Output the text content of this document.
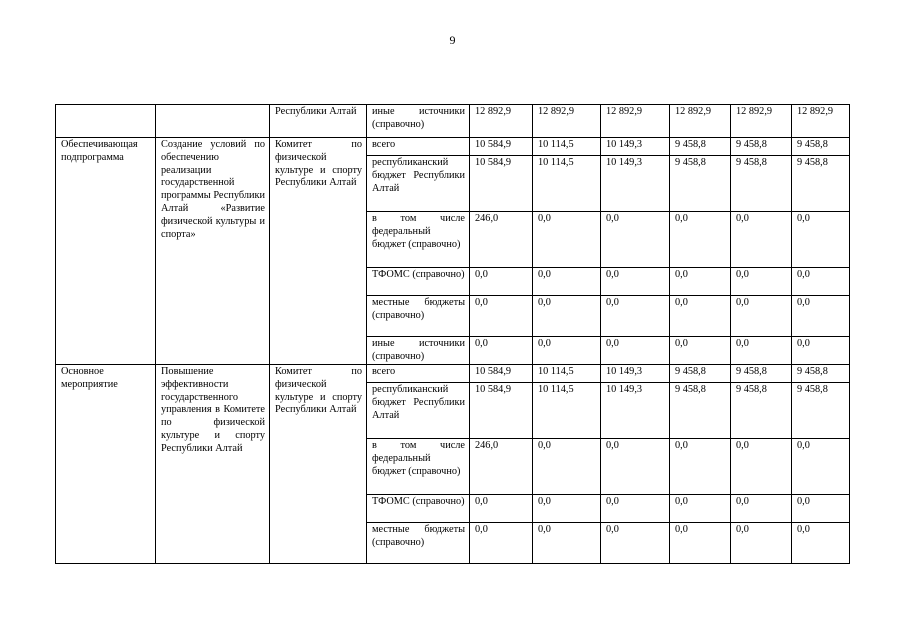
9
		Республики Алтай	иные источники (справочно)	12 892,9	12 892,9	12 892,9	12 892,9	12 892,9	12 892,9
Обеспечивающая подпрограмма	Создание условий по обеспечению реализации государственной программы Республики Алтай «Развитие физической культуры и спорта»	Комитет по физической культуре и спорту Республики Алтай	всего	10 584,9	10 114,5	10 149,3	9 458,8	9 458,8	9 458,8
			республиканский бюджет Республики Алтай	10 584,9	10 114,5	10 149,3	9 458,8	9 458,8	9 458,8
			в том числе федеральный бюджет (справочно)	246,0	0,0	0,0	0,0	0,0	0,0
			ТФОМС (справочно)	0,0	0,0	0,0	0,0	0,0	0,0
			местные бюджеты (справочно)	0,0	0,0	0,0	0,0	0,0	0,0
			иные источники (справочно)	0,0	0,0	0,0	0,0	0,0	0,0
Основное мероприятие	Повышение эффективности государственного управления в Комитете по физической культуре и спорту Республики Алтай	Комитет по физической культуре и спорту Республики Алтай	всего	10 584,9	10 114,5	10 149,3	9 458,8	9 458,8	9 458,8
			республиканский бюджет Республики Алтай	10 584,9	10 114,5	10 149,3	9 458,8	9 458,8	9 458,8
			в том числе федеральный бюджет (справочно)	246,0	0,0	0,0	0,0	0,0	0,0
			ТФОМС (справочно)	0,0	0,0	0,0	0,0	0,0	0,0
			местные бюджеты (справочно)	0,0	0,0	0,0	0,0	0,0	0,0
